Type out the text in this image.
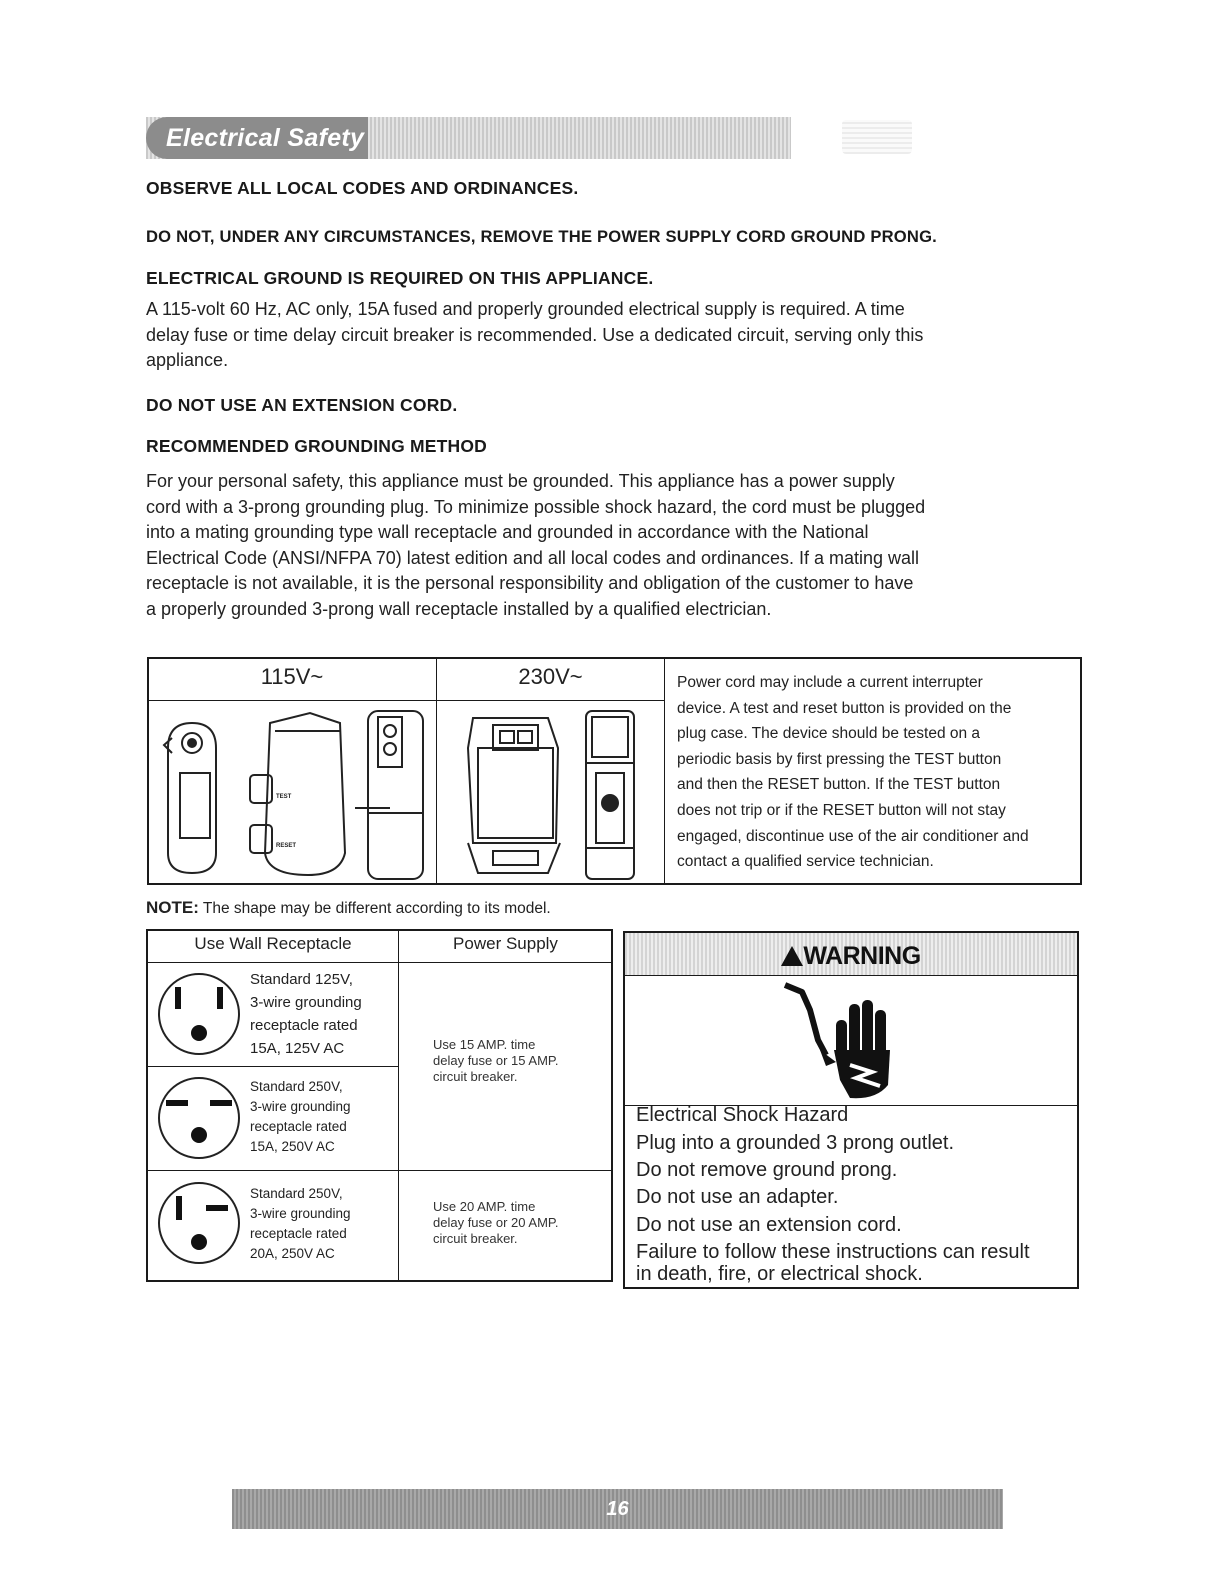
Electrical Safety
OBSERVE ALL LOCAL CODES AND ORDINANCES.
DO NOT, UNDER ANY CIRCUMSTANCES, REMOVE THE POWER SUPPLY CORD GROUND PRONG.
ELECTRICAL GROUND IS REQUIRED ON THIS APPLIANCE.
A 115-volt 60 Hz, AC only, 15A fused and properly grounded electrical supply is required. A time
delay fuse or time delay circuit breaker is recommended. Use a dedicated circuit, serving only this
appliance.
DO NOT USE AN EXTENSION CORD.
RECOMMENDED GROUNDING METHOD
For your personal safety, this appliance must be grounded. This appliance has a power supply
cord with a 3-prong grounding plug. To minimize possible shock hazard, the cord must be plugged
into a mating grounding type wall receptacle and grounded in accordance with the National
Electrical Code (ANSI/NFPA 70) latest edition and all local codes and ordinances. If a mating wall
receptacle is not available, it is the personal responsibility and obligation of the customer to have
a properly grounded 3-prong wall receptacle installed by a qualified electrician.
115V~	230V~
TEST
RESET
Power cord may include a current interrupter
device. A test and reset button is provided on the
plug case. The device should be tested on a
periodic basis by first pressing the TEST button
and then the RESET button. If the TEST button
does not trip or if the RESET button will not stay
engaged, discontinue use of the air conditioner and
contact a qualified service technician.
NOTE: The shape may be different according to its model.
Use Wall Receptacle	Power Supply
Standard 125V,
3-wire grounding
receptacle rated
15A, 125V AC
Standard 250V,
3-wire grounding
receptacle rated
15A, 250V AC
Standard 250V,
3-wire grounding
receptacle rated
20A, 250V AC
Use 15 AMP. time
delay fuse or 15 AMP.
circuit breaker.
Use 20 AMP. time
delay fuse or 20 AMP.
circuit breaker.
WARNING
Electrical Shock Hazard
Plug into a grounded 3 prong outlet.
Do not remove ground prong.
Do not use an adapter.
Do not use an extension cord.
Failure to follow these instructions can result
in death, fire, or electrical shock.
16
